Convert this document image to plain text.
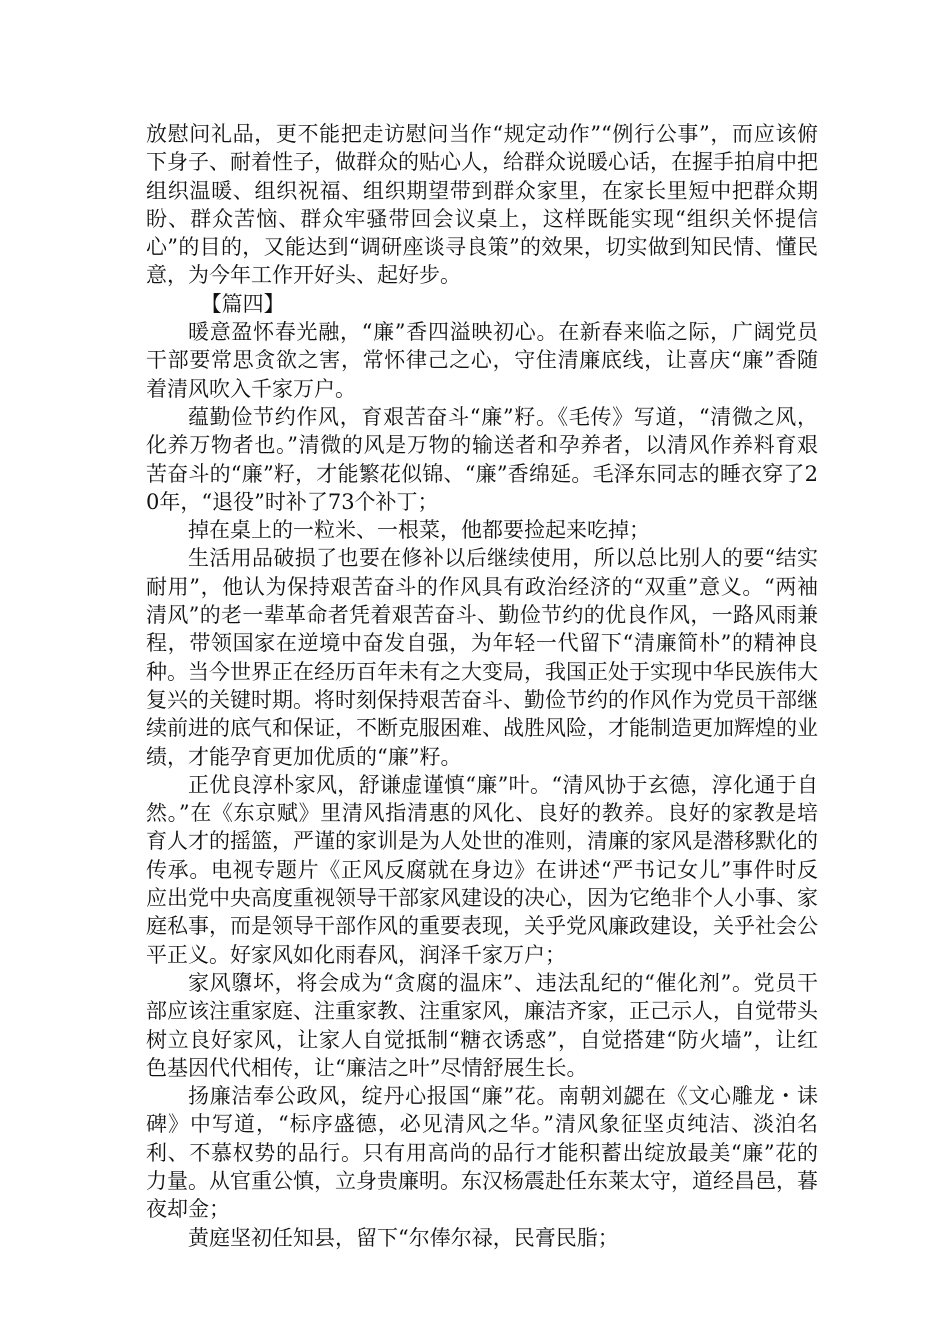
放慰问礼品，更不能把走访慰问当作“规定动作”“例行公事”，而应该俯下身子、耐着性子，做群众的贴心人，给群众说暖心话，在握手拍肩中把组织温暖、组织祝福、组织期望带到群众家里，在家长里短中把群众期盼、群众苦恼、群众牢骚带回会议桌上，这样既能实现“组织关怀提信心”的目的，又能达到“调研座谈寻良策”的效果，切实做到知民情、懂民意，为今年工作开好头、起好步。

【篇四】

暖意盈怀春光融，“廉”香四溢映初心。在新春来临之际，广阔党员干部要常思贪欲之害，常怀律己之心，守住清廉底线，让喜庆“廉”香随着清风吹入千家万户。

蕴勤俭节约作风，育艰苦奋斗“廉”籽。《毛传》写道，“清微之风，化养万物者也。”清微的风是万物的输送者和孕养者，以清风作养料育艰苦奋斗的“廉”籽，才能繁花似锦、“廉”香绵延。毛泽东同志的睡衣穿了20年，“退役”时补了73个补丁；

掉在桌上的一粒米、一根菜，他都要捡起来吃掉；

生活用品破损了也要在修补以后继续使用，所以总比别人的要“结实耐用”，他认为保持艰苦奋斗的作风具有政治经济的“双重”意义。“两袖清风”的老一辈革命者凭着艰苦奋斗、勤俭节约的优良作风，一路风雨兼程，带领国家在逆境中奋发自强，为年轻一代留下“清廉简朴”的精神良种。当今世界正在经历百年未有之大变局，我国正处于实现中华民族伟大复兴的关键时期。将时刻保持艰苦奋斗、勤俭节约的作风作为党员干部继续前进的底气和保证，不断克服困难、战胜风险，才能制造更加辉煌的业绩，才能孕育更加优质的“廉”籽。

正优良淳朴家风，舒谦虚谨慎“廉”叶。“清风协于玄德，淳化通于自然。”在《东京赋》里清风指清惠的风化、良好的教养。良好的家教是培育人才的摇篮，严谨的家训是为人处世的准则，清廉的家风是潜移默化的传承。电视专题片《正风反腐就在身边》在讲述“严书记女儿”事件时反应出党中央高度重视领导干部家风建设的决心，因为它绝非个人小事、家庭私事，而是领导干部作风的重要表现，关乎党风廉政建设，关乎社会公平正义。好家风如化雨春风，润泽千家万户；

家风隳坏，将会成为“贪腐的温床”、违法乱纪的“催化剂”。党员干部应该注重家庭、注重家教、注重家风，廉洁齐家，正己示人，自觉带头树立良好家风，让家人自觉抵制“糖衣诱惑”，自觉搭建“防火墙”，让红色基因代代相传，让“廉洁之叶”尽情舒展生长。

扬廉洁奉公政风，绽丹心报国“廉”花。南朝刘勰在《文心雕龙・诔碑》中写道，“标序盛德，必见清风之华。”清风象征坚贞纯洁、淡泊名利、不慕权势的品行。只有用高尚的品行才能积蓄出绽放最美“廉”花的力量。从官重公慎，立身贵廉明。东汉杨震赴任东莱太守，道经昌邑，暮夜却金；

黄庭坚初任知县，留下“尔俸尔禄，民膏民脂；
